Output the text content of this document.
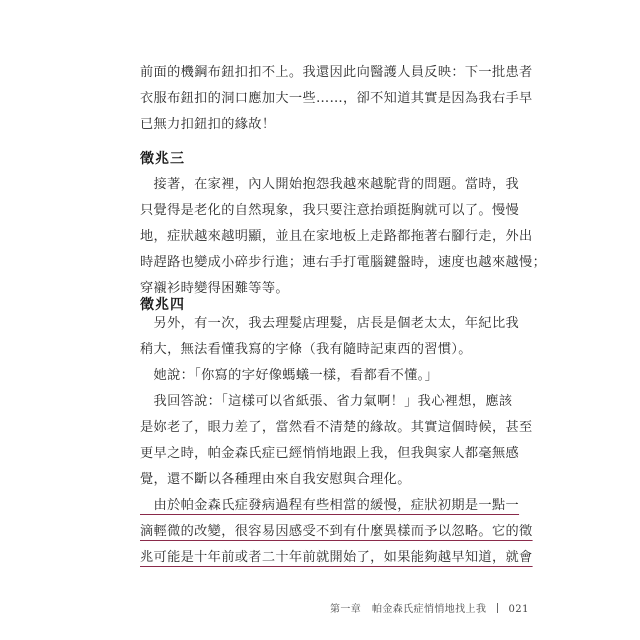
前面的機鋼布鈕扣扣不上。我還因此向醫護人員反映：下一批患者
衣服布鈕扣的洞口應加大一些……，卻不知道其實是因為我右手早
已無力扣鈕扣的緣故！
徵兆三
　接著，在家裡，內人開始抱怨我越來越駝背的問題。當時，我
只覺得是老化的自然現象，我只要注意抬頭挺胸就可以了。慢慢
地，症狀越來越明顯，並且在家地板上走路都拖著右腳行走，外出
時趕路也變成小碎步行進；連右手打電腦鍵盤時，速度也越來越慢；
穿襯衫時變得困難等等。
徵兆四
　另外，有一次，我去理髮店理髮，店長是個老太太，年紀比我
稍大，無法看懂我寫的字條（我有隨時記東西的習慣）。
　她說：「你寫的字好像螞蟻一樣，看都看不懂。」
　我回答說：「這樣可以省紙張、省力氣啊！」我心裡想，應該
是妳老了，眼力差了，當然看不清楚的緣故。其實這個時候，甚至
更早之時，帕金森氏症已經悄悄地跟上我，但我與家人都毫無感
覺，還不斷以各種理由來自我安慰與合理化。
　由於帕金森氏症發病過程有些相當的緩慢，症狀初期是一點一
滴輕微的改變，很容易因感受不到有什麼異樣而予以忽略。它的徵
兆可能是十年前或者二十年前就開始了，如果能夠越早知道，就會
第一章 帕金森氏症悄悄地找上我 021
